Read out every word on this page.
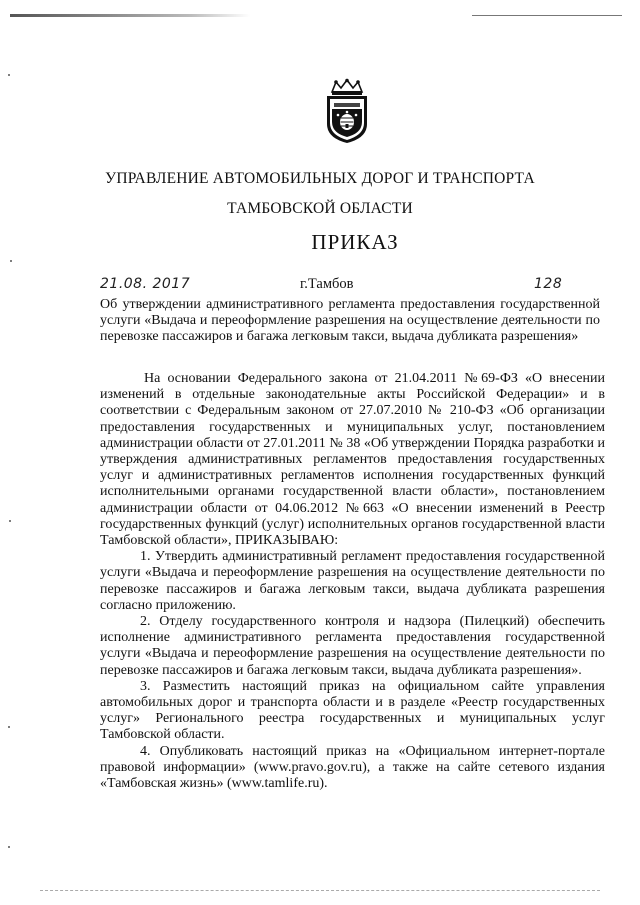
УПРАВЛЕНИЕ АВТОМОБИЛЬНЫХ ДОРОГ И ТРАНСПОРТА
ТАМБОВСКОЙ ОБЛАСТИ
ПРИКАЗ
21.08. 2017	г.Тамбов	128
Об утверждении административного регламента предоставления государственной услуги «Выдача и переоформление разрешения на осуществление деятельности по перевозке пассажиров и багажа легковым такси, выдача дубликата разрешения»

На основании Федерального закона от 21.04.2011 №69-ФЗ «О внесении изменений в отдельные законодательные акты Российской Федерации» и в соответствии с Федеральным законом от 27.07.2010 № 210-ФЗ «Об организации предоставления государственных и муниципальных услуг, постановлением администрации области от 27.01.2011 № 38 «Об утверждении Порядка разработки и утверждения административных регламентов предоставления государственных услуг и административных регламентов исполнения государственных функций исполнительными органами государственной власти области», постановлением администрации области от 04.06.2012 №663 «О внесении изменений в Реестр государственных функций (услуг) исполнительных органов государственной власти Тамбовской области», ПРИКАЗЫВАЮ:

1. Утвердить административный регламент предоставления государственной услуги «Выдача и переоформление разрешения на осуществление деятельности по перевозке пассажиров и багажа легковым такси, выдача дубликата разрешения согласно приложению.

2. Отделу государственного контроля и надзора (Пилецкий) обеспечить исполнение административного регламента предоставления государственной услуги «Выдача и переоформление разрешения на осуществление деятельности по перевозке пассажиров и багажа легковым такси, выдача дубликата разрешения».

3. Разместить настоящий приказ на официальном сайте управления автомобильных дорог и транспорта области и в разделе «Реестр государственных услуг» Регионального реестра государственных и муниципальных услуг Тамбовской области.

4. Опубликовать настоящий приказ на «Официальном интернет-портале правовой информации» (www.pravo.gov.ru), а также на сайте сетевого издания «Тамбовская жизнь» (www.tamlife.ru).
